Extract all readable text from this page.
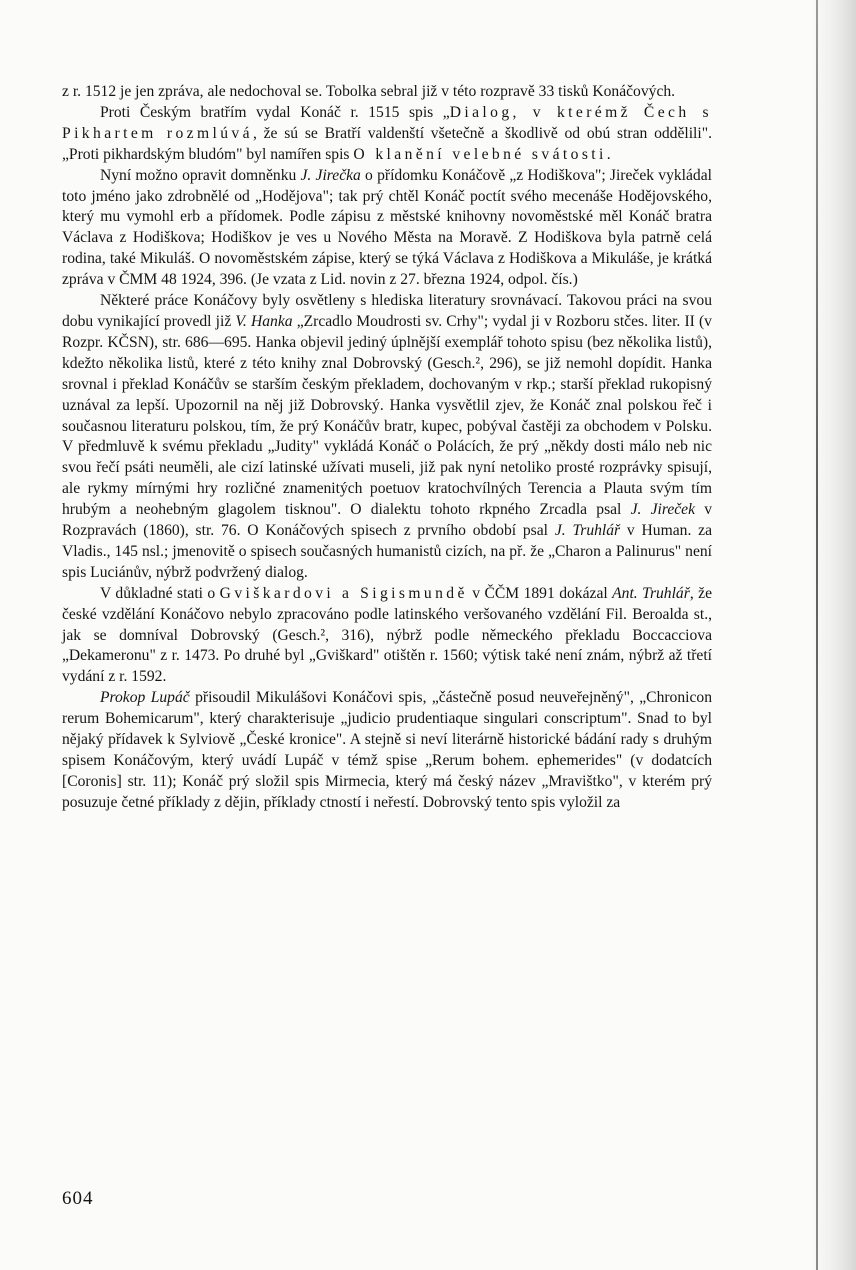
z r. 1512 je jen zpráva, ale nedochoval se. Tobolka sebral již v této rozpravě 33 tisků Konáčových.

Proti Českým bratřím vydal Konáč r. 1515 spis „Dialog, v kterémž Čech s Pikhartem rozmlúvá, že sú se Bratří valdenští všetečně a škodlivě od obú stran oddělili". „Proti pikhardským bludóm" byl namířen spis O klanění velebné svátosti.

Nyní možno opravit domněnku J. Jirečka o přídomku Konáčově „z Hodiškova"; Jireček vykládal toto jméno jako zdrobnělé od „Hodějova"; tak prý chtěl Konáč poctít svého mecenáše Hodějovského, který mu vymohl erb a přídomek. Podle zápisu z městské knihovny novoměstské měl Konáč bratra Václava z Hodiškova; Hodiškov je ves u Nového Města na Moravě. Z Hodiškova byla patrně celá rodina, také Mikuláš. O novoměstském zápise, který se týká Václava z Hodiškova a Mikuláše, je krátká zpráva v ČMM 48 1924, 396. (Je vzata z Lid. novin z 27. března 1924, odpol. čís.)

Některé práce Konáčovy byly osvětleny s hlediska literatury srovnávací. Takovou práci na svou dobu vynikající provedl již V. Hanka „Zrcadlo Moudrosti sv. Crhy"; vydal ji v Rozboru stčes. liter. II (v Rozpr. KČSN), str. 686—695. Hanka objevil jediný úplnější exemplář tohoto spisu (bez několika listů), kdežto několika listů, které z této knihy znal Dobrovský (Gesch.², 296), se již nemohl dopídit. Hanka srovnal i překlad Konáčův se starším českým překladem, dochovaným v rkp.; starší překlad rukopisný uznával za lepší. Upozornil na něj již Dobrovský. Hanka vysvětlil zjev, že Konáč znal polskou řeč i současnou literaturu polskou, tím, že prý Konáčův bratr, kupec, pobýval častěji za obchodem v Polsku. V předmluvě k svému překladu „Judity" vykládá Konáč o Polácích, že prý „někdy dosti málo neb nic svou řečí psáti neuměli, ale cizí latinské užívati museli, již pak nyní netoliko prosté rozprávky spisují, ale rykmy mírnými hry rozličné znamenitých poetuov kratochvílných Terencia a Plauta svým tím hrubým a neohebným glagolem tisknou". O dialektu tohoto rkpného Zrcadla psal J. Jireček v Rozpravách (1860), str. 76. O Konáčových spisech z prvního období psal J. Truhlář v Human. za Vladis., 145 nsl.; jmenovitě o spisech současných humanistů cizích, na př. že „Charon a Palinurus" není spis Luciánův, nýbrž podvržený dialog.

V důkladné stati o Gviškardovi a Sigismundě v ČČM 1891 dokázal Ant. Truhlář, že české vzdělání Konáčovo nebylo zpracováno podle latinského veršovaného vzdělání Fil. Beroalda st., jak se domníval Dobrovský (Gesch.², 316), nýbrž podle německého překladu Boccacciova „Dekameronu" z r. 1473. Po druhé byl „Gviškard" otištěn r. 1560; výtisk také není znám, nýbrž až třetí vydání z r. 1592.

Prokop Lupáč přisoudil Mikulášovi Konáčovi spis, „částečně posud neuveřejněný", „Chronicon rerum Bohemicarum", který charakterisuje „judicio prudentiaque singulari conscriptum". Snad to byl nějaký přídavek k Sylviově „České kronice". A stejně si neví literárně historické bádání rady s druhým spisem Konáčovým, který uvádí Lupáč v témž spise „Rerum bohem. ephemerides" (v dodatcích [Coronis] str. 11); Konáč prý složil spis Mirmecia, který má český název „Mravištko", v kterém prý posuzuje četné příklady z dějin, příklady ctností i neřestí. Dobrovský tento spis vyložil za

604
